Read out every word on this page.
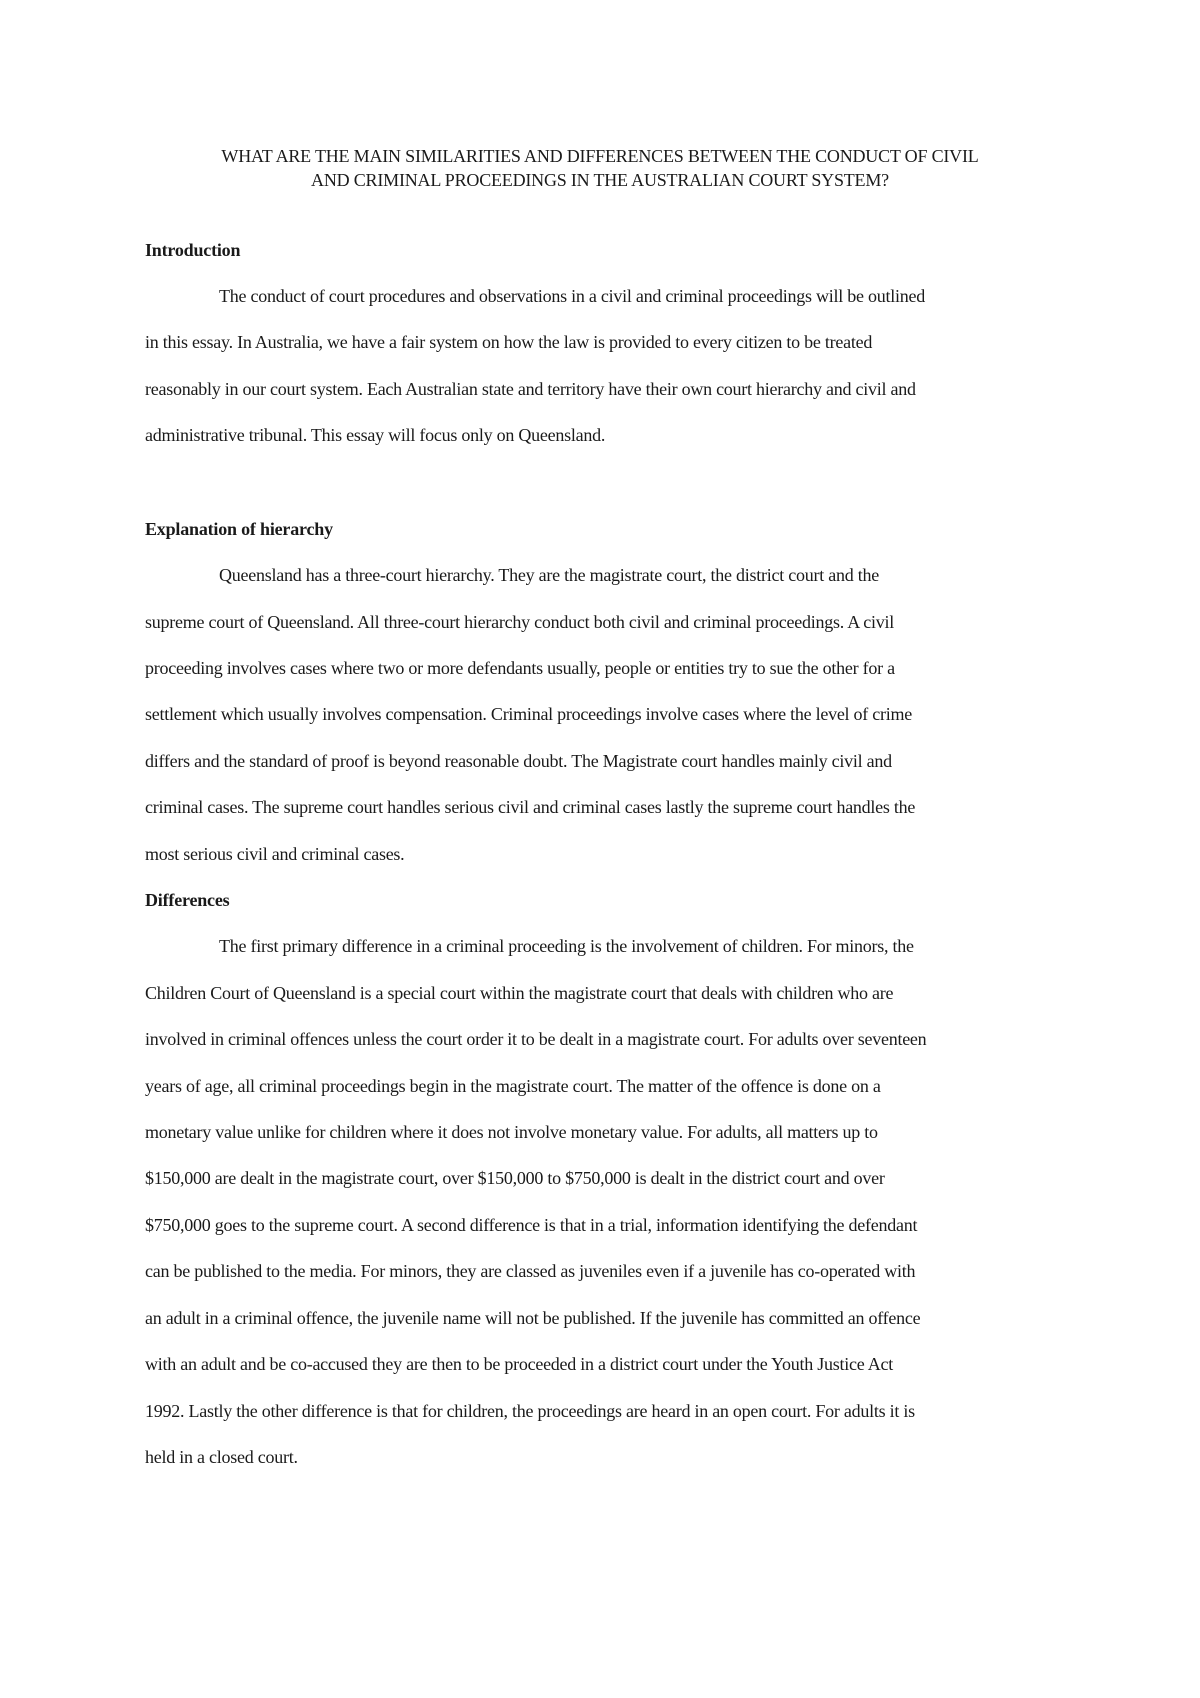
WHAT ARE THE MAIN SIMILARITIES AND DIFFERENCES BETWEEN THE CONDUCT OF CIVIL
AND CRIMINAL PROCEEDINGS IN THE AUSTRALIAN COURT SYSTEM?
Introduction
The conduct of court procedures and observations in a civil and criminal proceedings will be outlined
in this essay. In Australia, we have a fair system on how the law is provided to every citizen to be treated
reasonably in our court system. Each Australian state and territory have their own court hierarchy and civil and
administrative tribunal. This essay will focus only on Queensland.
Explanation of hierarchy
Queensland has a three-court hierarchy. They are the magistrate court, the district court and the
supreme court of Queensland. All three-court hierarchy conduct both civil and criminal proceedings. A civil
proceeding involves cases where two or more defendants usually, people or entities try to sue the other for a
settlement which usually involves compensation. Criminal proceedings involve cases where the level of crime
differs and the standard of proof is beyond reasonable doubt. The Magistrate court handles mainly civil and
criminal cases. The supreme court handles serious civil and criminal cases lastly the supreme court handles the
most serious civil and criminal cases.
Differences
The first primary difference in a criminal proceeding is the involvement of children. For minors, the
Children Court of Queensland is a special court within the magistrate court that deals with children who are
involved in criminal offences unless the court order it to be dealt in a magistrate court. For adults over seventeen
years of age, all criminal proceedings begin in the magistrate court. The matter of the offence is done on a
monetary value unlike for children where it does not involve monetary value. For adults, all matters up to
$150,000 are dealt in the magistrate court, over $150,000 to $750,000 is dealt in the district court and over
$750,000 goes to the supreme court. A second difference is that in a trial, information identifying the defendant
can be published to the media. For minors, they are classed as juveniles even if a juvenile has co-operated with
an adult in a criminal offence, the juvenile name will not be published. If the juvenile has committed an offence
with an adult and be co-accused they are then to be proceeded in a district court under the Youth Justice Act
1992. Lastly the other difference is that for children, the proceedings are heard in an open court. For adults it is
held in a closed court.
